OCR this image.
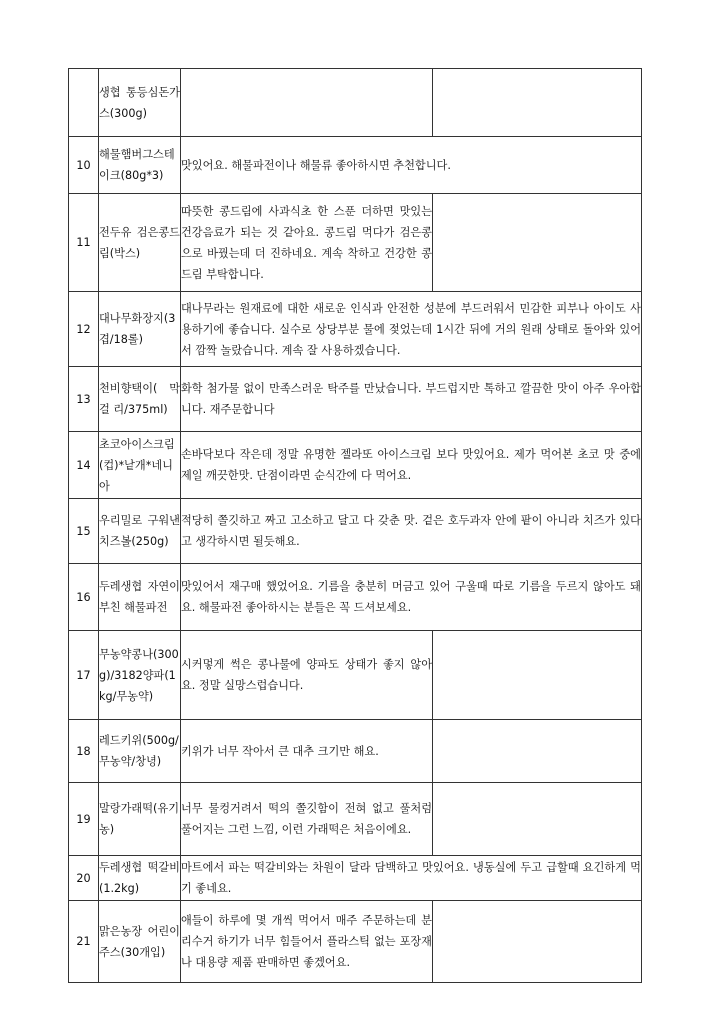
	생협 통등심돈가스(300g)		
10	해물햄버그스테이크(80g*3)	맛있어요. 해물파전이나 해물류 좋아하시면 추천합니다.	
11	전두유 검은콩드림(박스)	따뜻한 콩드림에 사과식초 한 스푼 더하면 맛있는 건강음료가 되는 것 같아요. 콩드림 먹다가 검은콩으로 바꿨는데 더 진하네요. 계속 착하고 건강한 콩드림 부탁합니다.	
12	대나무화장지(3겹/18롤)	대나무라는 원재료에 대한 새로운 인식과 안전한 성분에 부드러워서 민감한 피부나 아이도 사용하기에 좋습니다. 실수로 상당부분 물에 젖었는데 1시간 뒤에 거의 원래 상태로 돌아와 있어서 깜짝 놀랐습니다. 계속 잘 사용하겠습니다.	
13	천비향택이( 막 걸 리/375ml)	화학 첨가물 없이 만족스러운 탁주를 만났습니다. 부드럽지만 톡하고 깔끔한 맛이 아주 우아합니다. 재주문합니다	
14	초코아이스크림(컵)*낱개*네니아	손바닥보다 작은데 정말 유명한 젤라또 아이스크림 보다 맛있어요. 제가 먹어본 초코 맛 중에 제일 깨끗한맛. 단점이라면 순식간에 다 먹어요.	
15	우리밀로 구워낸치즈볼(250g)	적당히 쫄깃하고 짜고 고소하고 달고 다 갖춘 맛. 겉은 호두과자 안에 팥이 아니라 치즈가 있다고 생각하시면 될듯해요.	
16	두레생협 자연이부친 해물파전	맛있어서 재구매 했었어요. 기름을 충분히 머금고 있어 구울때 따로 기름을 두르지 않아도 돼요. 해물파전 좋아하시는 분들은 꼭 드셔보세요.	
17	무농약콩나(300g)/3182양파(1kg/무농약)	시커멓게 썩은 콩나물에 양파도 상태가 좋지 않아요. 정말 실망스럽습니다.	
18	레드키위(500g/무농약/창녕)	키위가 너무 작아서 큰 대추 크기만 해요.	
19	말랑가래떡(유기농)	너무 물컹거려서 떡의 쫄깃함이 전혀 없고 풀처럼 풀어지는 그런 느낌, 이런 가래떡은 처음이에요.	
20	두레생협 떡갈비(1.2kg)	마트에서 파는 떡갈비와는 차원이 달라 담백하고 맛있어요. 냉동실에 두고 급할때 요긴하게 먹기 좋네요.	
21	맑은농장 어린이주스(30개입)	애들이 하루에 몇 개씩 먹어서 매주 주문하는데 분리수거 하기가 너무 힘들어서 플라스틱 없는 포장재나 대용량 제품 판매하면 좋겠어요.	
